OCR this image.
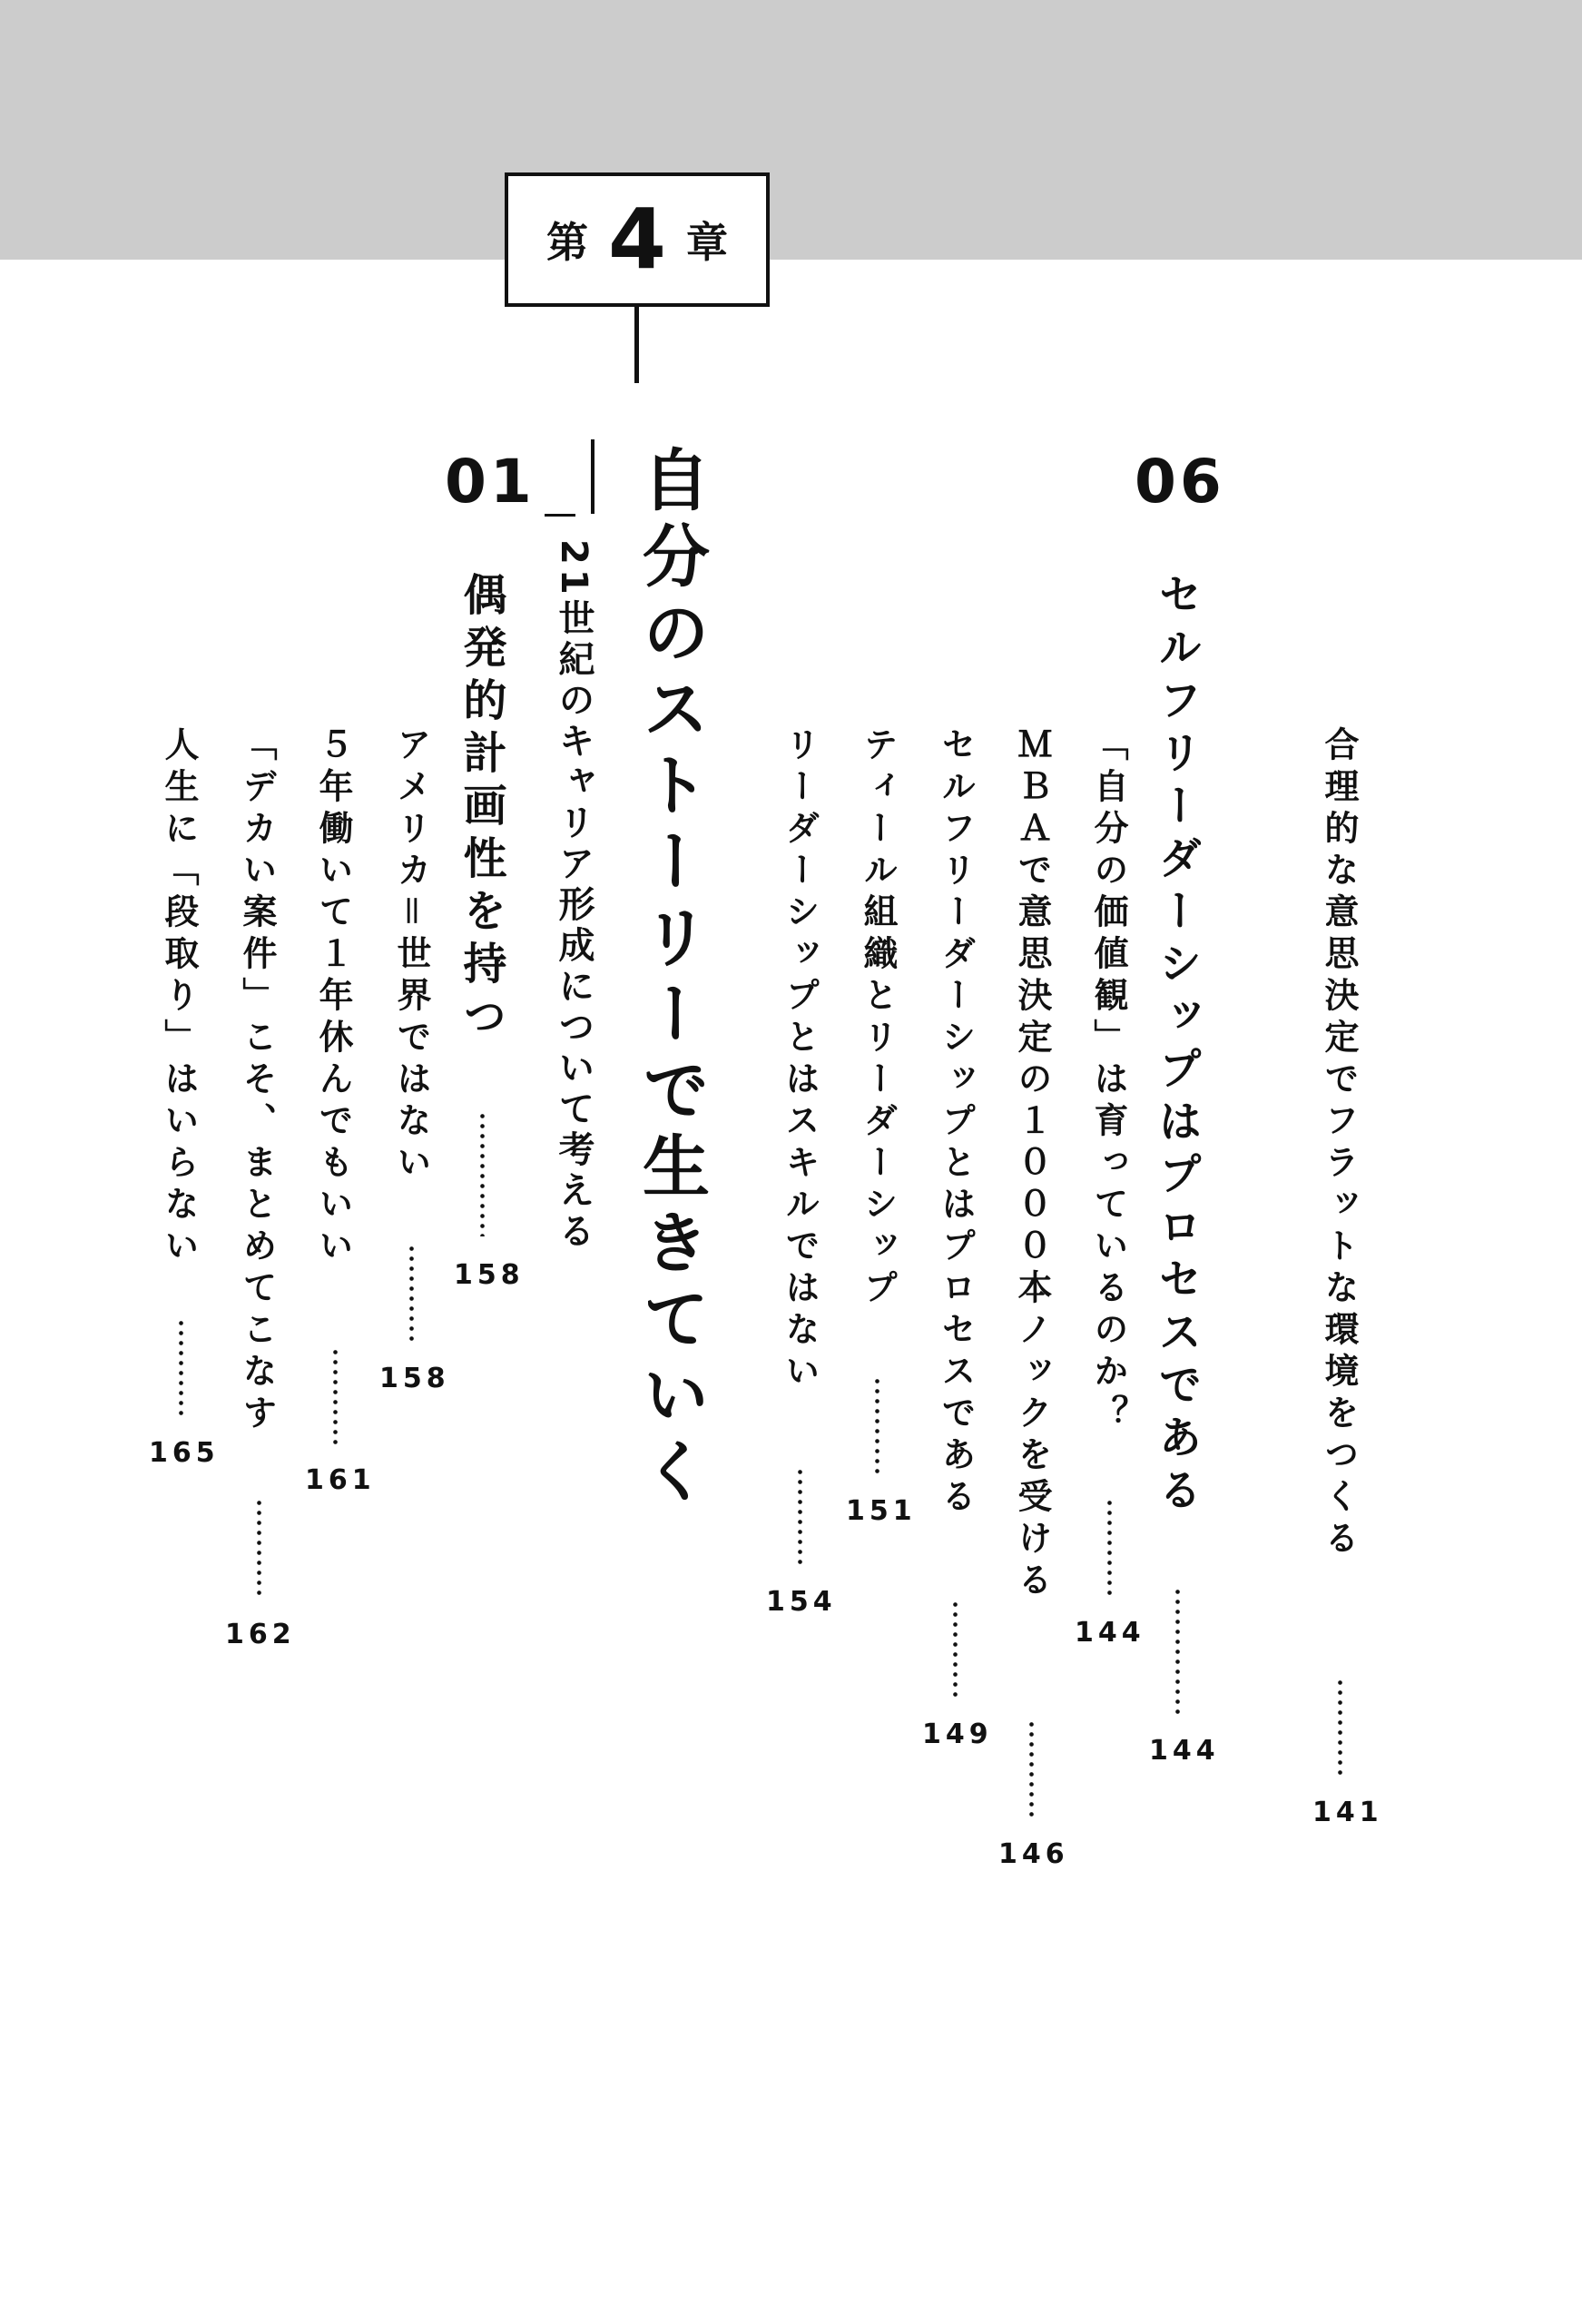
第 4 章
06
01 自分のストーリーで生きていく
21世紀のキャリア形成について考える	合理的な意思決定でフラットな環境をつくる
141
セルフリーダーシップはプロセスである
144
「自分の価値観」は育っているのか？
144
ＭＢＡで意思決定の１０００本ノックを受ける
146
セルフリーダーシップとはプロセスである
149
ティール組織とリーダーシップ
151
リーダーシップとはスキルではない
154
偶発的計画性を持つ
158
アメリカ＝世界ではない
158
５年働いて１年休んでもいい
161
「デカい案件」こそ、まとめてこなす
162
人生に「段取り」はいらない
165
